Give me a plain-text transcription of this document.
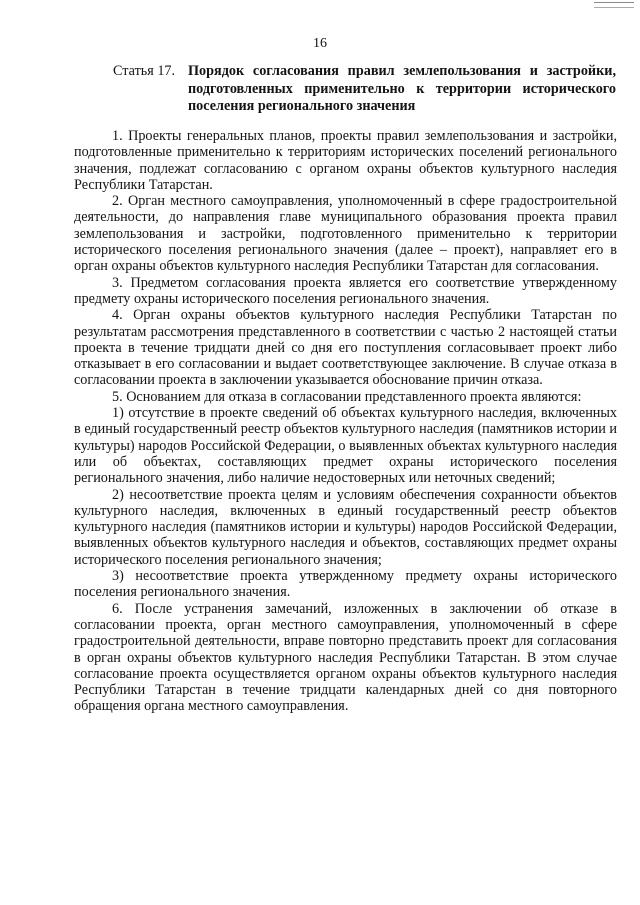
16
Статья 17. Порядок согласования правил землепользования и застройки, подготовленных применительно к территории исторического поселения регионального значения

1. Проекты генеральных планов, проекты правил землепользования и застройки, подготовленные применительно к территориям исторических поселений регионального значения, подлежат согласованию с органом охраны объектов культурного наследия Республики Татарстан.

2. Орган местного самоуправления, уполномоченный в сфере градостроительной деятельности, до направления главе муниципального образования проекта правил землепользования и застройки, подготовленного применительно к территории исторического поселения регионального значения (далее – проект), направляет его в орган охраны объектов культурного наследия Республики Татарстан для согласования.

3. Предметом согласования проекта является его соответствие утвержденному предмету охраны исторического поселения регионального значения.

4. Орган охраны объектов культурного наследия Республики Татарстан по результатам рассмотрения представленного в соответствии с частью 2 настоящей статьи проекта в течение тридцати дней со дня его поступления согласовывает проект либо отказывает в его согласовании и выдает соответствующее заключение. В случае отказа в согласовании проекта в заключении указывается обоснование причин отказа.

5. Основанием для отказа в согласовании представленного проекта являются:

1) отсутствие в проекте сведений об объектах культурного наследия, включенных в единый государственный реестр объектов культурного наследия (памятников истории и культуры) народов Российской Федерации, о выявленных объектах культурного наследия или об объектах, составляющих предмет охраны исторического поселения регионального значения, либо наличие недостоверных или неточных сведений;

2) несоответствие проекта целям и условиям обеспечения сохранности объектов культурного наследия, включенных в единый государственный реестр объектов культурного наследия (памятников истории и культуры) народов Российской Федерации, выявленных объектов культурного наследия и объектов, составляющих предмет охраны исторического поселения регионального значения;

3) несоответствие проекта утвержденному предмету охраны исторического поселения регионального значения.

6. После устранения замечаний, изложенных в заключении об отказе в согласовании проекта, орган местного самоуправления, уполномоченный в сфере градостроительной деятельности, вправе повторно представить проект для согласования в орган охраны объектов культурного наследия Республики Татарстан. В этом случае согласование проекта осуществляется органом охраны объектов культурного наследия Республики Татарстан в течение тридцати календарных дней со дня повторного обращения органа местного самоуправления.
